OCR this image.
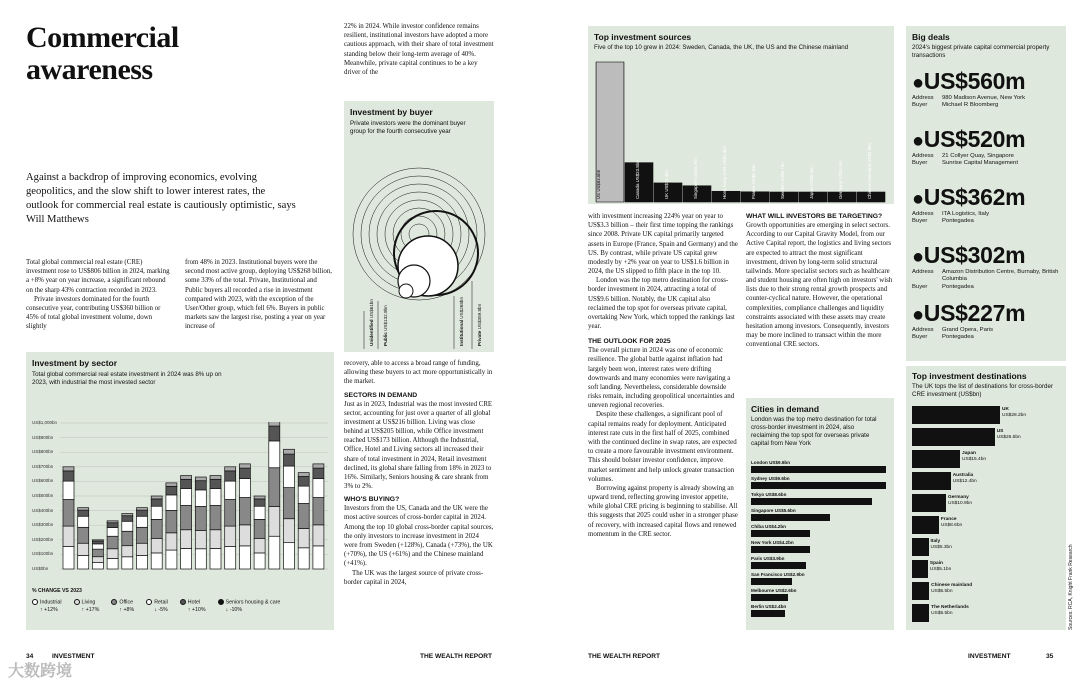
Commercial
awareness
Against a backdrop of improving economics, evolving geopolitics, and the slow shift to lower interest rates, the outlook for commercial real estate is cautiously optimistic, says Will Matthews

Total global commercial real estate (CRE) investment rose to US$806 billion in 2024, marking a +8% year on year increase, a significant rebound on the sharp 43% contraction recorded in 2023.

Private investors dominated for the fourth consecutive year, contributing US$360 billion or 45% of total global investment volume, down slightly

from 48% in 2023. Institutional buyers were the second most active group, deploying US$268 billion, some 33% of the total. Private, Institutional and Public buyers all recorded a rise in investment compared with 2023, with the exception of the User/Other group, which fell 6%. Buyers in public markets saw the largest rise, posting a year on year increase of

Investment by sector
Total global commercial real estate investment in 2024 was 8% up on 2023, with industrial the most invested sector
US$1,000bn
US$900bn
US$800bn
US$700bn
US$600bn
US$500bn
US$400bn
US$300bn
US$200bn
US$100bn
US$0bn
% CHANGE VS 2023
Industrial
↑ +12%
Living
↑ +17%
Office
↑ +8%
Retail
↓ -5%
Hotel
↑ +10%
Seniors housing & care
↓ -10%

22% in 2024. While investor confidence remains resilient, institutional investors have adopted a more cautious approach, with their share of total investment standing below their long-term average of 40%. Meanwhile, private capital continues to be a key driver of the

Investment by buyer
Private investors were the dominant buyer group for the fourth consecutive year
Unidentified US$61bn
Public US$132.9bn
Institutional US$268bn
Private US$359.8bn

recovery, able to access a broad range of funding, allowing these buyers to act more opportunistically in the market.

SECTORS IN DEMAND

Just as in 2023, Industrial was the most invested CRE sector, accounting for just over a quarter of all global investment at US$216 billion. Living was close behind at US$205 billion, while Office investment reached US$173 billion. Although the Industrial, Office, Hotel and Living sectors all increased their share of total investment in 2024, Retail investment declined, its global share falling from 18% in 2023 to 16%. Similarly, Seniors housing & care shrank from 3% to 2%.

WHO'S BUYING?

Investors from the US, Canada and the UK were the most active sources of cross-border capital in 2024. Among the top 10 global cross-border capital sources, the only investors to increase investment in 2024 were from Sweden (+128%), Canada (+73%), the UK (+70%), the US (+61%) and the Chinese mainland (+41%).

The UK was the largest source of private cross-border capital in 2024,

34	INVESTMENT	THE WEALTH REPORT
大数跨境
Top investment sources
Five of the top 10 grew in 2024: Sweden, Canada, the UK, the US and the Chinese mainland
US US$83.6bn	Canada US$23.5bn	UK US$11.4bn	Singapore US$9.7bn	Hong Kong SAR US$6.4bn	France US$6.1bn	Sweden US$5.7bn	Japan US$5.4bn	Germany US$4.1bn	Chinese mainland US$3.8bn

with investment increasing 224% year on year to US$3.3 billion – their first time topping the rankings since 2008. Private UK capital primarily targeted assets in Europe (France, Spain and Germany) and the US. By contrast, while private US capital grew modestly by +2% year on year to US$1.6 billion in 2024, the US slipped to fifth place in the top 10.

London was the top metro destination for cross-border investment in 2024, attracting a total of US$9.6 billion. Notably, the UK capital also reclaimed the top spot for overseas private capital, overtaking New York, which topped the rankings last year.

THE OUTLOOK FOR 2025

The overall picture in 2024 was one of economic resilience. The global battle against inflation had largely been won, interest rates were drifting downwards and many economies were navigating a soft landing. Nevertheless, considerable downside risks remain, including geopolitical uncertainties and uneven regional recoveries.

Despite these challenges, a significant pool of capital remains ready for deployment. Anticipated interest rate cuts in the first half of 2025, combined with the continued decline in swap rates, are expected to create a more favourable investment environment. This should bolster investor confidence, improve market sentiment and help unlock greater transaction volumes.

Borrowing against property is already showing an upward trend, reflecting growing investor appetite, while global CRE pricing is beginning to stabilise. All this suggests that 2025 could usher in a stronger phase of recovery, with increased capital flows and renewed momentum in the CRE sector.

WHAT WILL INVESTORS BE TARGETING?

Growth opportunities are emerging in select sectors. According to our Capital Gravity Model, from our Active Capital report, the logistics and living sectors are expected to attract the most significant investment, driven by long-term solid structural tailwinds. More specialist sectors such as healthcare and student housing are often high on investors' wish lists due to their strong rental growth prospects and counter-cyclical nature. However, the operational complexities, compliance challenges and liquidity constraints associated with these assets may create hesitation among investors. Consequently, investors may be more inclined to transact within the more conventional CRE sectors.

Cities in demand
London was the top metro destination for total cross-border investment in 2024, also reclaiming the top spot for overseas private capital from New York
London US$9.6bn
Sydney US$9.6bn
Tokyo US$8.6bn
Singapore US$5.6bn
Chiba US$4.2bn
New York US$4.2bn
Paris US$3.9bn
San Francisco US$2.9bn
Melbourne US$2.6bn
Berlin US$2.4bn
Big deals
2024's biggest private capital commercial property transactions
●US$560m
Address	980 Madison Avenue, New York
Buyer	Michael R Bloomberg
●US$520m
Address	21 Collyer Quay, Singapore
Buyer	Sunrise Capital Management
●US$362m
Address	ITA Logistics, Italy
Buyer	Pontegadea
●US$302m
Address	Amazon Distribution Centre, Burnaby, British Columbia
Buyer	Pontegadea
●US$227m
Address	Grand Opera, Paris
Buyer	Pontegadea
Top investment destinations
The UK tops the list of destinations for cross-border CRE investment (US$bn)
UK
US$28.2bn
US
US$26.5bn
Japan
US$15.4bn
Australia
US$12.4bn
Germany
US$10.9bn
France
US$8.6bn
Italy
US$5.3bn
Spain
US$5.1bn
Chinese mainland
US$5.5bn
The Netherlands
US$5.5bn	Sources: RCA, Knight Frank Research
THE WEALTH REPORT	INVESTMENT	35
